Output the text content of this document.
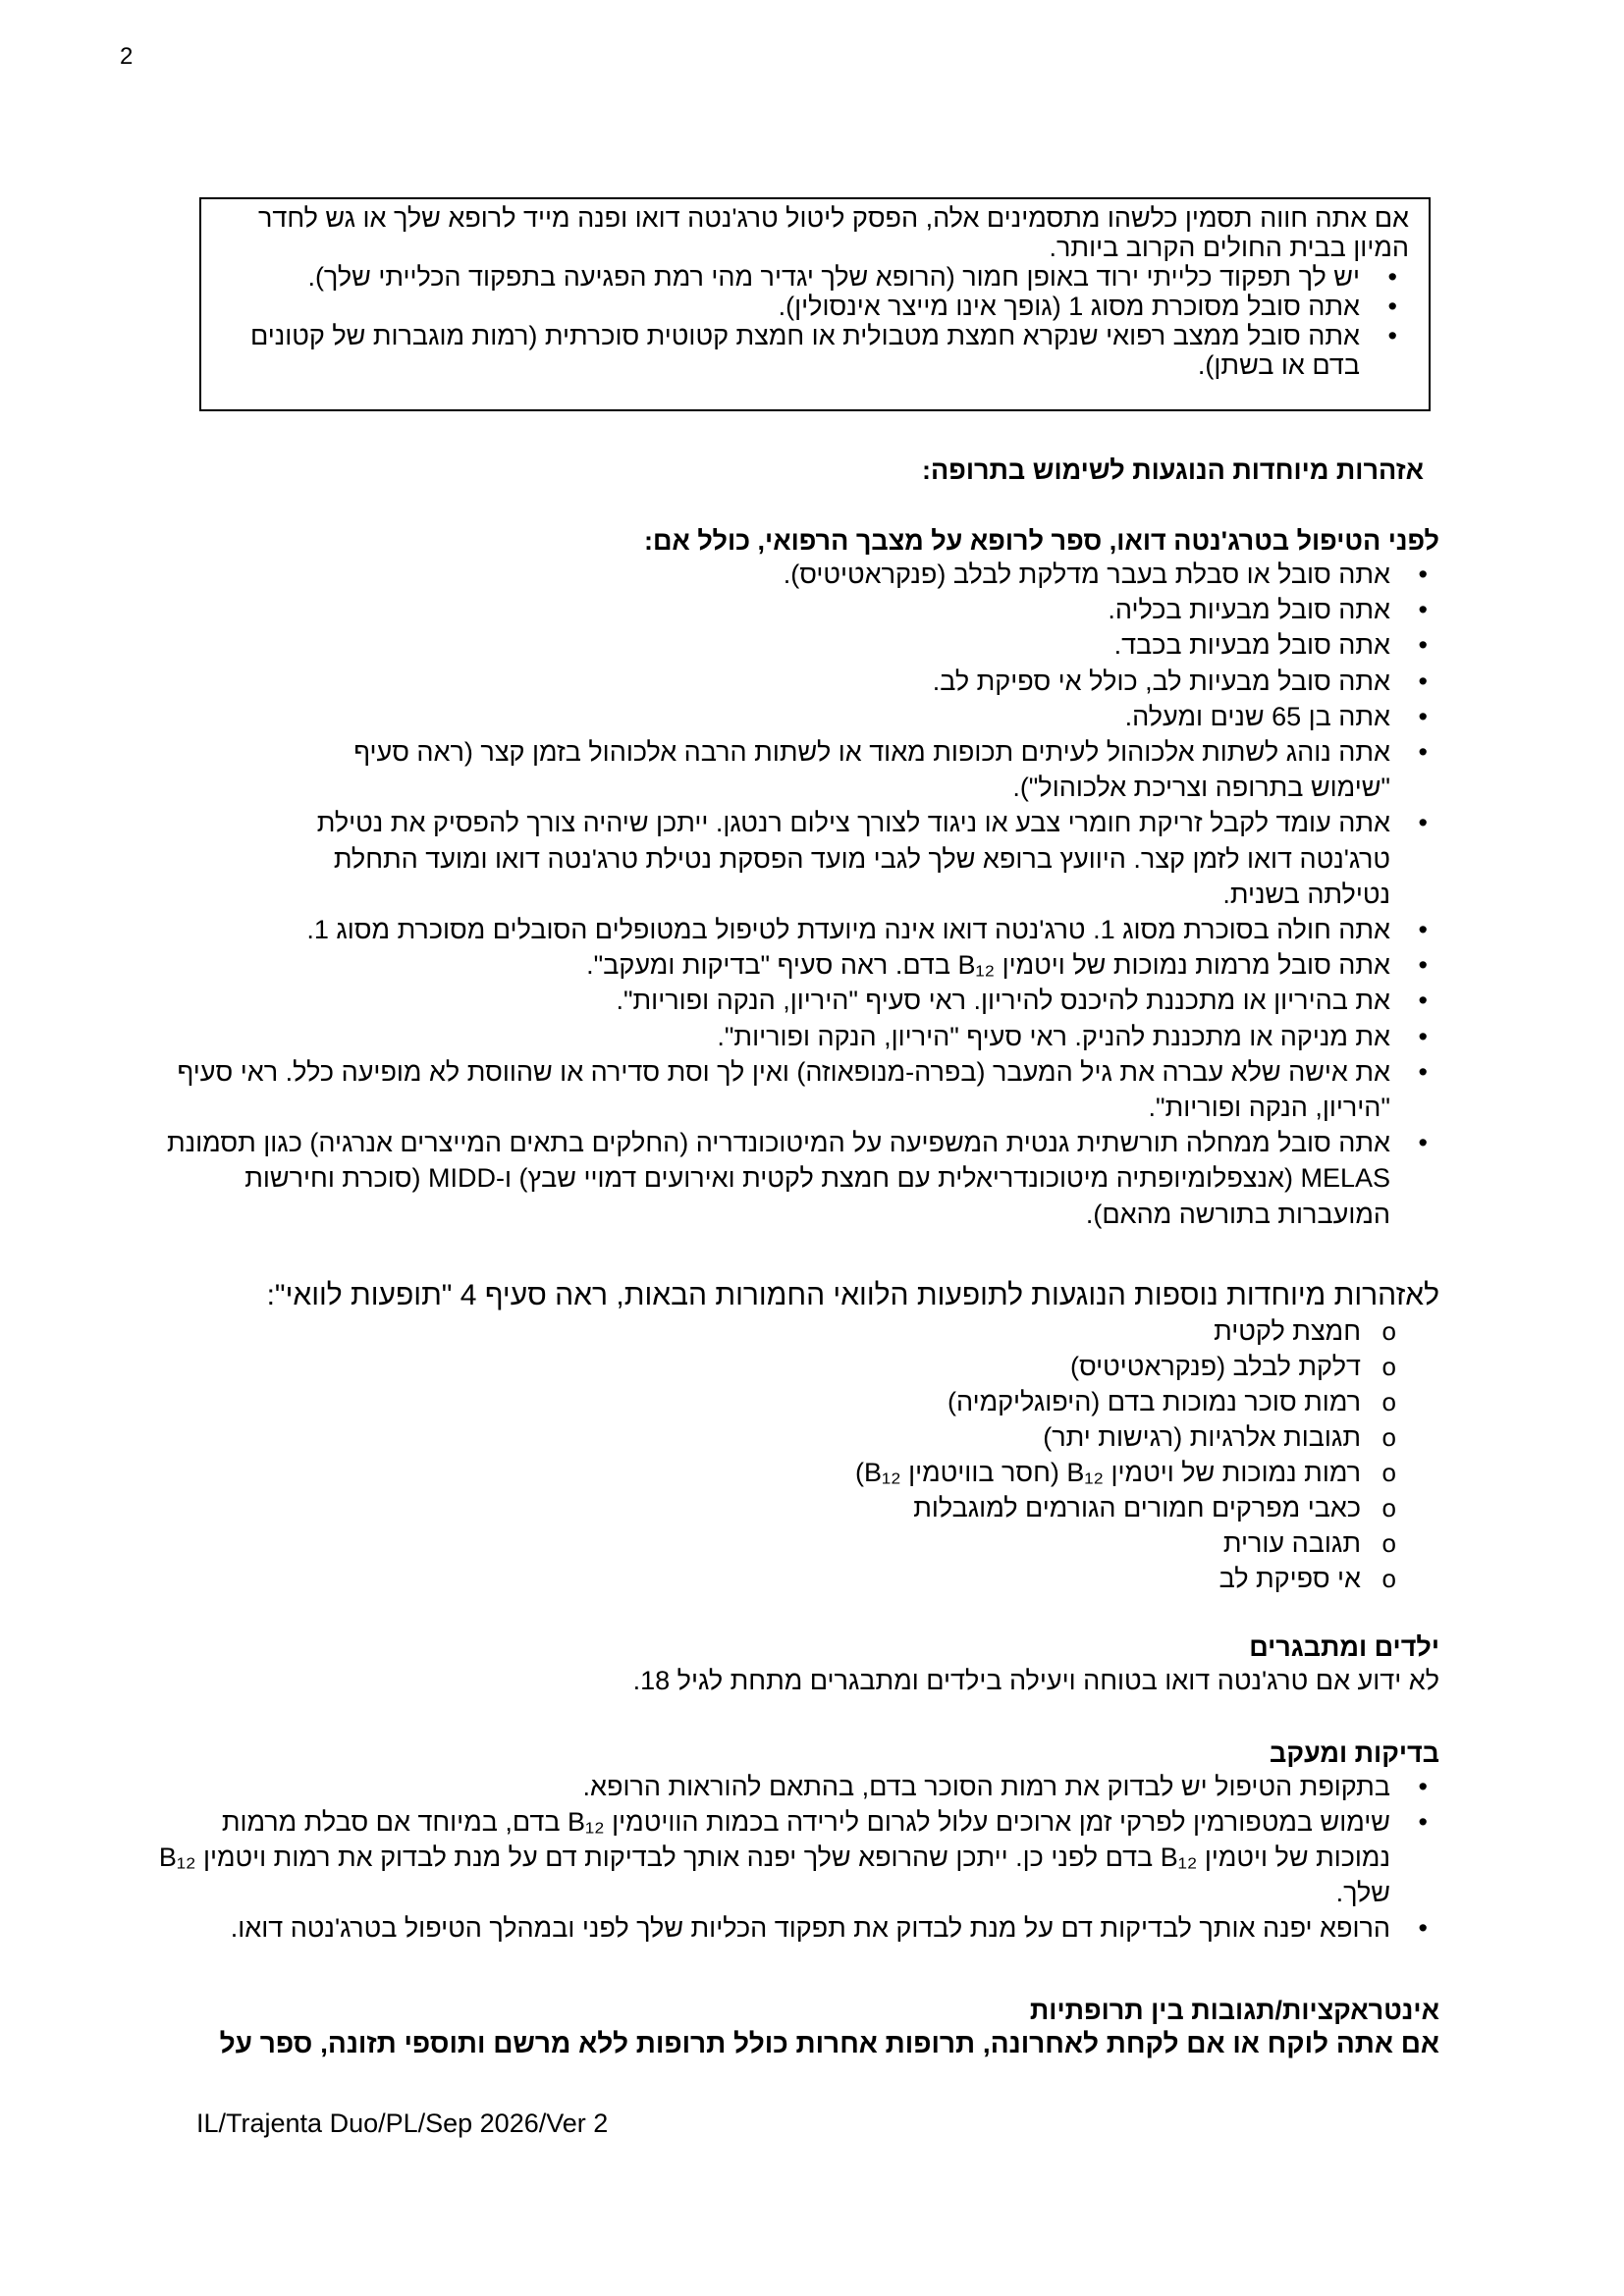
2
אם אתה חווה תסמין כלשהו מתסמינים אלה, הפסק ליטול טרג'נטה דואו ופנה מייד לרופא שלך או גש לחדר המיון בבית החולים הקרוב ביותר.
• יש לך תפקוד כלייתי ירוד באופן חמור (הרופא שלך יגדיר מהי רמת הפגיעה בתפקוד הכלייתי שלך).
• אתה סובל מסוכרת מסוג 1 (גופך אינו מייצר אינסולין).
• אתה סובל ממצב רפואי שנקרא חמצת מטבולית או חמצת קטוטית סוכרתית (רמות מוגברות של קטונים בדם או בשתן).

אזהרות מיוחדות הנוגעות לשימוש בתרופה:

לפני הטיפול בטרג'נטה דואו, ספר לרופא על מצבך הרפואי, כולל אם:

• אתה סובל או סבלת בעבר מדלקת לבלב (פנקראטיטיס).
• אתה סובל מבעיות בכליה.
• אתה סובל מבעיות בכבד.
• אתה סובל מבעיות לב, כולל אי ספיקת לב.
• אתה בן 65 שנים ומעלה.
• אתה נוהג לשתות אלכוהול לעיתים תכופות מאוד או לשתות הרבה אלכוהול בזמן קצר (ראה סעיף "שימוש בתרופה וצריכת אלכוהול").
• אתה עומד לקבל זריקת חומרי צבע או ניגוד לצורך צילום רנטגן. ייתכן שיהיה צורך להפסיק את נטילת טרג'נטה דואו לזמן קצר. היוועץ ברופא שלך לגבי מועד הפסקת נטילת טרג'נטה דואו ומועד התחלת נטילתה בשנית.
• אתה חולה בסוכרת מסוג 1. טרג'נטה דואו אינה מיועדת לטיפול במטופלים הסובלים מסוכרת מסוג 1.
• אתה סובל מרמות נמוכות של ויטמין B₁₂ בדם. ראה סעיף "בדיקות ומעקב".
• את בהיריון או מתכננת להיכנס להיריון. ראי סעיף "היריון, הנקה ופוריות".
• את מניקה או מתכננת להניק. ראי סעיף "היריון, הנקה ופוריות".
• את אישה שלא עברה את גיל המעבר (בפרה-מנופאוזה) ואין לך וסת סדירה או שהווסת לא מופיעה כלל. ראי סעיף "היריון, הנקה ופוריות".
• אתה סובל ממחלה תורשתית גנטית המשפיעה על המיטוכונדריה (החלקים בתאים המייצרים אנרגיה) כגון תסמונת MELAS (אנצפלומיופתיה מיטוכונדריאלית עם חמצת לקטית ואירועים דמויי שבץ) ו-MIDD (סוכרת וחירשות המועברות בתורשה מהאם).
לאזהרות מיוחדות נוספות הנוגעות לתופעות הלוואי החמורות הבאות, ראה סעיף 4 "תופעות לוואי":
o חמצת לקטית
o דלקת לבלב (פנקראטיטיס)
o רמות סוכר נמוכות בדם (היפוגליקמיה)
o תגובות אלרגיות (רגישות יתר)
o רמות נמוכות של ויטמין B₁₂ (חסר בוויטמין B₁₂)
o כאבי מפרקים חמורים הגורמים למוגבלות
o תגובה עורית
o אי ספיקת לב

ילדים ומתבגרים

לא ידוע אם טרג'נטה דואו בטוחה ויעילה בילדים ומתבגרים מתחת לגיל 18.

בדיקות ומעקב

• בתקופת הטיפול יש לבדוק את רמות הסוכר בדם, בהתאם להוראות הרופא.
• שימוש במטפורמין לפרקי זמן ארוכים עלול לגרום לירידה בכמות הוויטמין B₁₂ בדם, במיוחד אם סבלת מרמות נמוכות של ויטמין B₁₂ בדם לפני כן. ייתכן שהרופא שלך יפנה אותך לבדיקות דם על מנת לבדוק את רמות ויטמין B₁₂ שלך.
• הרופא יפנה אותך לבדיקות דם על מנת לבדוק את תפקוד הכליות שלך לפני ובמהלך הטיפול בטרג'נטה דואו.

אינטראקציות/תגובות בין תרופתיות

אם אתה לוקח או אם לקחת לאחרונה, תרופות אחרות כולל תרופות ללא מרשם ותוספי תזונה, ספר על

IL/Trajenta Duo/PL/Sep 2026/Ver 2
